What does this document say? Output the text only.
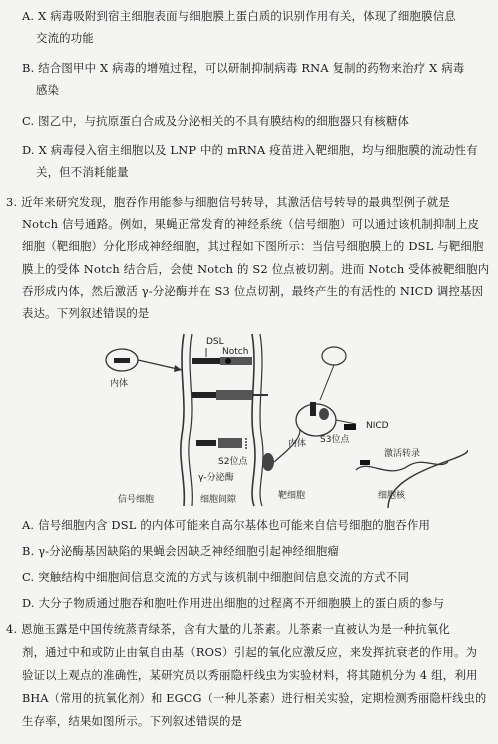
A. X 病毒吸附到宿主细胞表面与细胞膜上蛋白质的识别作用有关，体现了细胞膜信息
交流的功能
B. 结合图甲中 X 病毒的增殖过程，可以研制抑制病毒 RNA 复制的药物来治疗 X 病毒
感染
C. 图乙中，与抗原蛋白合成及分泌相关的不具有膜结构的细胞器只有核糖体
D. X 病毒侵入宿主细胞以及 LNP 中的 mRNA 疫苗进入靶细胞，均与细胞膜的流动性有
关，但不消耗能量
3. 近年来研究发现，胞吞作用能参与细胞信号转导，其激活信号转导的最典型例子就是
Notch 信号通路。例如，果蝇正常发育的神经系统（信号细胞）可以通过该机制抑制上皮
细胞（靶细胞）分化形成神经细胞，其过程如下图所示：当信号细胞膜上的 DSL 与靶细胞
膜上的受体 Notch 结合后，会使 Notch 的 S2 位点被切割。进而 Notch 受体被靶细胞内
吞形成内体，然后激活 γ-分泌酶并在 S3 位点切割，最终产生的有活性的 NICD 调控基因
表达。下列叙述错误的是
DSL
Notch
内体
S2位点
γ-分泌酶
内体 S3位点
NICD
激活转录
信号细胞	细胞间隙	靶细胞	细胞核
A. 信号细胞内含 DSL 的内体可能来自高尔基体也可能来自信号细胞的胞吞作用
B. γ-分泌酶基因缺陷的果蝇会因缺乏神经细胞引起神经细胞瘤
C. 突触结构中细胞间信息交流的方式与该机制中细胞间信息交流的方式不同
D. 大分子物质通过胞吞和胞吐作用进出细胞的过程离不开细胞膜上的蛋白质的参与
4. 恩施玉露是中国传统蒸青绿茶，含有大量的儿茶素。儿茶素一直被认为是一种抗氧化
剂，通过中和或防止由氧自由基（ROS）引起的氧化应激反应，来发挥抗衰老的作用。为
验证以上观点的准确性，某研究员以秀丽隐杆线虫为实验材料，将其随机分为 4 组，利用
BHA（常用的抗氧化剂）和 EGCG（一种儿茶素）进行相关实验，定期检测秀丽隐杆线虫的
生存率，结果如图所示。下列叙述错误的是
